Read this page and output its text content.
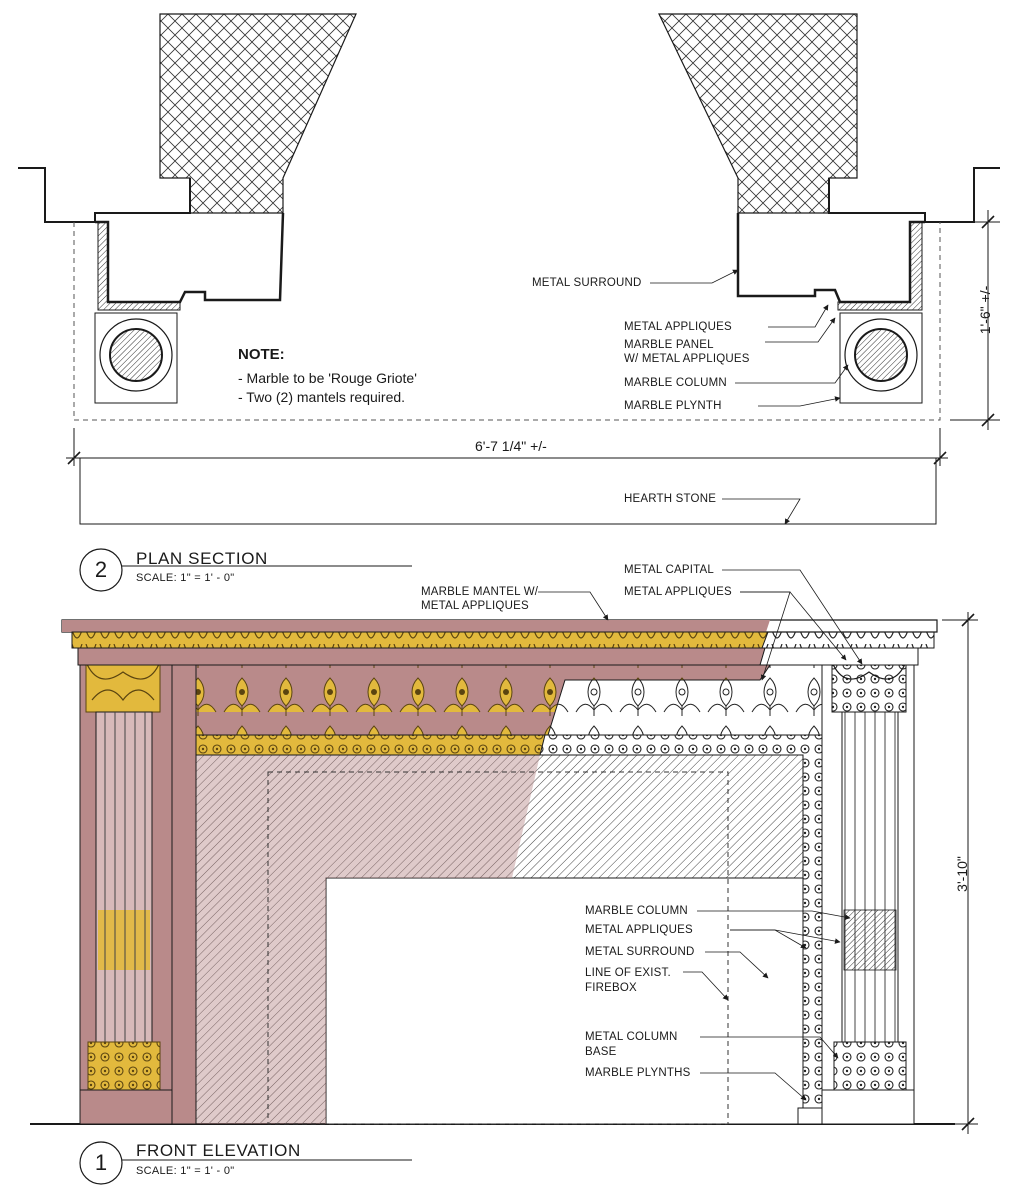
NOTE:
- Marble to be 'Rouge Griote'
- Two (2) mantels required.
METAL SURROUND
METAL APPLIQUES
MARBLE PANEL
W/ METAL APPLIQUES
MARBLE COLUMN
MARBLE PLYNTH
HEARTH STONE
6'-7 1/4" +/-
1'-6" +/-
2	PLAN SECTION
SCALE: 1" = 1' - 0"
MARBLE MANTEL W/
METAL APPLIQUES
METAL CAPITAL
METAL APPLIQUES
MARBLE COLUMN
METAL APPLIQUES
METAL SURROUND
LINE OF EXIST.
FIREBOX
METAL COLUMN
BASE
MARBLE PLYNTHS
3'-10"
1	FRONT ELEVATION
SCALE: 1" = 1' - 0"
